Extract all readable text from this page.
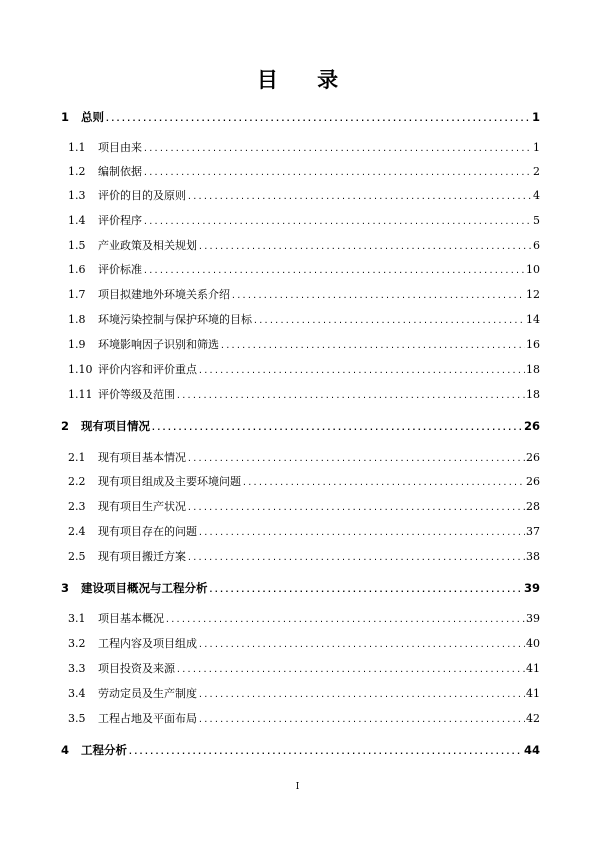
目 录
1	总则 .....	1
1.1	项目由来 .....	1
1.2	编制依据 .....	2
1.3	评价的目的及原则 .....	4
1.4	评价程序 .....	5
1.5	产业政策及相关规划 .....	6
1.6	评价标准 .....	10
1.7	项目拟建地外环境关系介绍 .....	12
1.8	环境污染控制与保护环境的目标 .....	14
1.9	环境影响因子识别和筛选 .....	16
1.10 评价内容和评价重点 .....	18
1.11 评价等级及范围 .....	18
2	现有项目情况 .....	26
2.1	现有项目基本情况 .....	26
2.2	现有项目组成及主要环境问题 .....	26
2.3	现有项目生产状况 .....	28
2.4	现有项目存在的问题 .....	37
2.5	现有项目搬迁方案 .....	38
3	建设项目概况与工程分析 .....	39
3.1	项目基本概况 .....	39
3.2	工程内容及项目组成 .....	40
3.3	项目投资及来源 .....	41
3.4	劳动定员及生产制度 .....	41
3.5	工程占地及平面布局 .....	42
4	工程分析 .....	44
I
